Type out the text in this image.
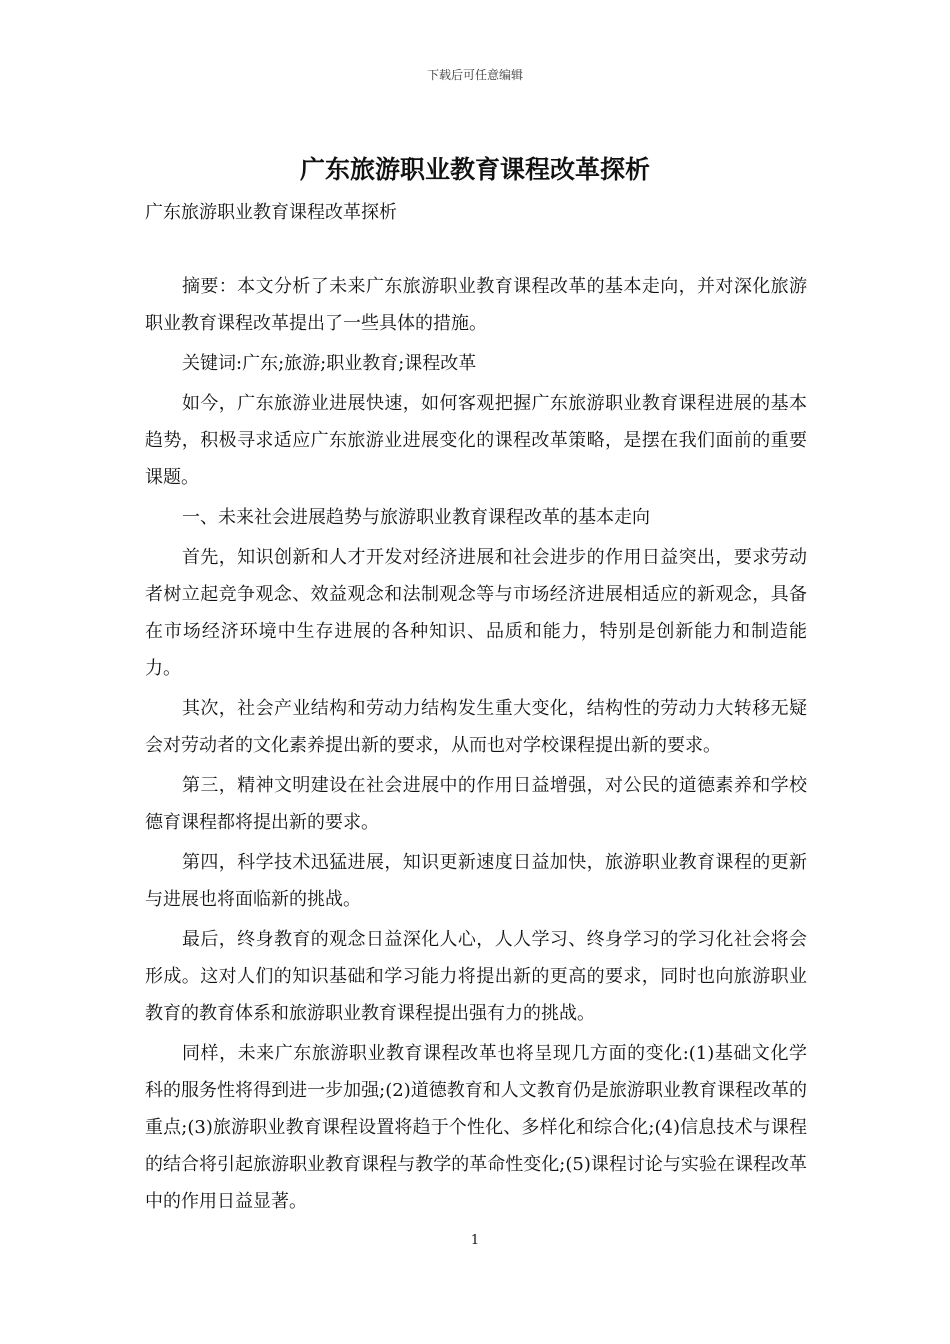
下载后可任意编辑
广东旅游职业教育课程改革探析

广东旅游职业教育课程改革探析

摘要：本文分析了未来广东旅游职业教育课程改革的基本走向，并对深化旅游职业教育课程改革提出了一些具体的措施。

关键词:广东;旅游;职业教育;课程改革

如今，广东旅游业进展快速，如何客观把握广东旅游职业教育课程进展的基本趋势，积极寻求适应广东旅游业进展变化的课程改革策略，是摆在我们面前的重要课题。

一、未来社会进展趋势与旅游职业教育课程改革的基本走向

首先，知识创新和人才开发对经济进展和社会进步的作用日益突出，要求劳动者树立起竞争观念、效益观念和法制观念等与市场经济进展相适应的新观念，具备在市场经济环境中生存进展的各种知识、品质和能力，特别是创新能力和制造能力。

其次，社会产业结构和劳动力结构发生重大变化，结构性的劳动力大转移无疑会对劳动者的文化素养提出新的要求，从而也对学校课程提出新的要求。

第三，精神文明建设在社会进展中的作用日益增强，对公民的道德素养和学校德育课程都将提出新的要求。

第四，科学技术迅猛进展，知识更新速度日益加快，旅游职业教育课程的更新与进展也将面临新的挑战。

最后，终身教育的观念日益深化人心，人人学习、终身学习的学习化社会将会形成。这对人们的知识基础和学习能力将提出新的更高的要求，同时也向旅游职业教育的教育体系和旅游职业教育课程提出强有力的挑战。

同样，未来广东旅游职业教育课程改革也将呈现几方面的变化:(1)基础文化学科的服务性将得到进一步加强;(2)道德教育和人文教育仍是旅游职业教育课程改革的重点;(3)旅游职业教育课程设置将趋于个性化、多样化和综合化;(4)信息技术与课程的结合将引起旅游职业教育课程与教学的革命性变化;(5)课程讨论与实验在课程改革中的作用日益显著。

1
